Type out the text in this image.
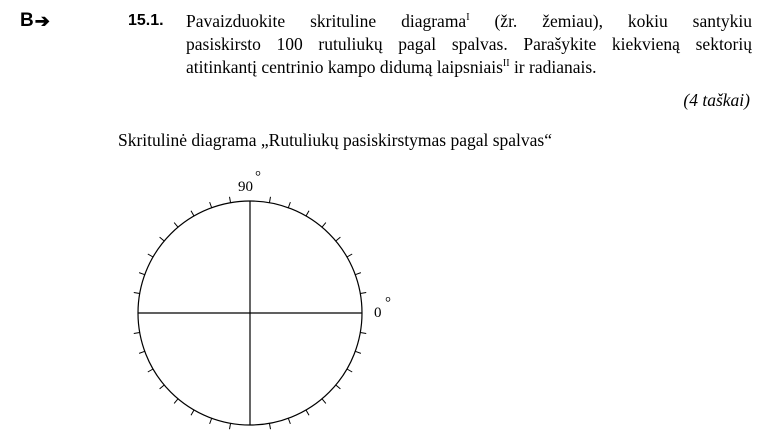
B ➔	15.1. Pavaizduokite skrituline diagrama$^I$ (žr. žemiau), kokiu santykiu
pasiskirsto 100 rutuliukų pagal spalvas. Parašykite kiekvieną sektorių
atitinkantį centrinio kampo didumą laipsniais$^{II}$ ir radianais.
(4 taškai)
Skritulinė diagrama „Rutuliukų pasiskirstymas pagal spalvas“
90
°
0
°
